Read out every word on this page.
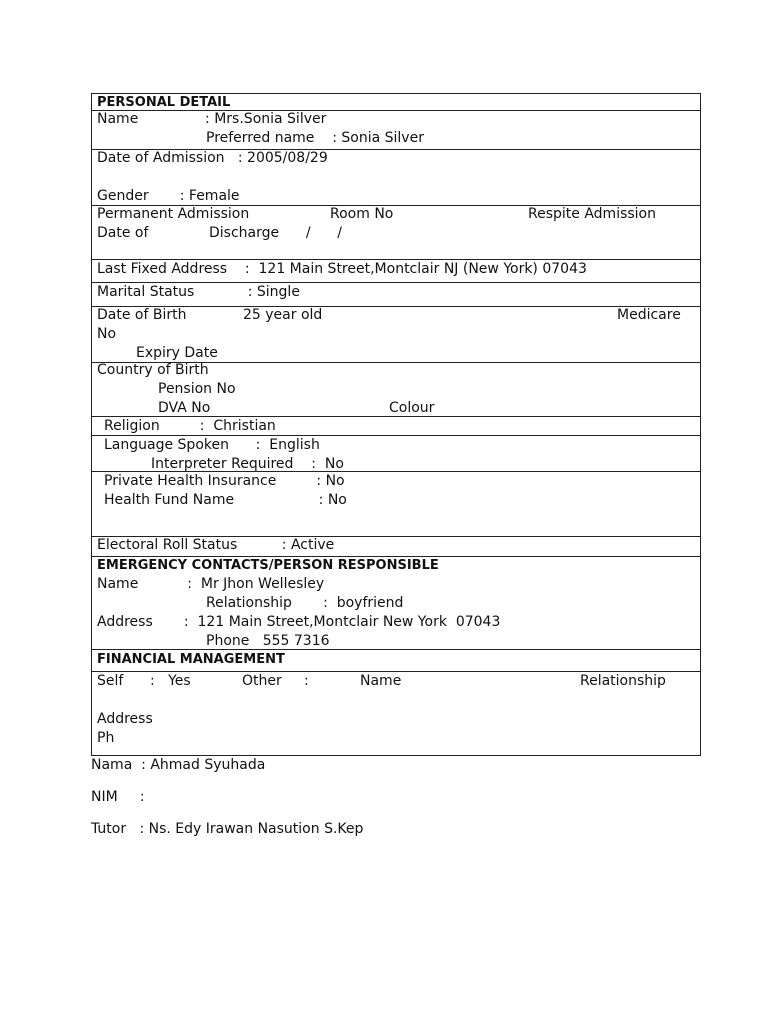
PERSONAL DETAIL
Name               : Mrs.Sonia Silver
Preferred name    : Sonia Silver
Date of Admission   : 2005/08/29
Gender       : Female
Permanent Admission	Room No	Respite Admission
Date of	Discharge      /      /
Last Fixed Address    :  121 Main Street,Montclair NJ (New York) 07043
Marital Status            : Single
Date of Birth	25 year old	Medicare
No
Expiry Date
Country of Birth
Pension No
DVA No	Colour
Religion         :  Christian
Language Spoken      :  English
Interpreter Required    :  No
Private Health Insurance         : No
Health Fund Name                   : No
Electoral Roll Status          : Active
EMERGENCY CONTACTS/PERSON RESPONSIBLE
Name           :  Mr Jhon Wellesley
Relationship       :  boyfriend
Address       :  121 Main Street,Montclair New York  07043
Phone   555 7316
FINANCIAL MANAGEMENT
Self      :   Yes	Other     :	Name	Relationship
Address
Ph
Nama  : Ahmad Syuhada
NIM     :
Tutor   : Ns. Edy Irawan Nasution S.Kep
